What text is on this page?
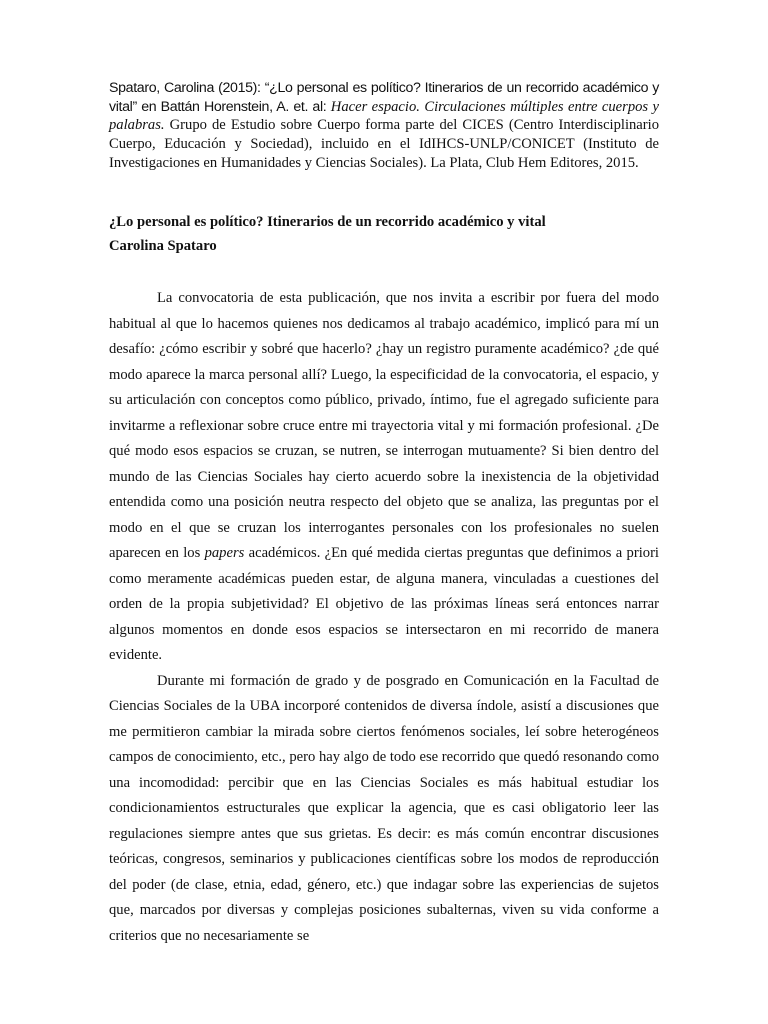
Spataro, Carolina (2015): “¿Lo personal es político? Itinerarios de un recorrido académico y vital” en Battán Horenstein, A. et. al: Hacer espacio. Circulaciones múltiples entre cuerpos y palabras. Grupo de Estudio sobre Cuerpo forma parte del CICES (Centro Interdisciplinario Cuerpo, Educación y Sociedad), incluido en el IdIHCS-UNLP/CONICET (Instituto de Investigaciones en Humanidades y Ciencias Sociales). La Plata, Club Hem Editores, 2015.
¿Lo personal es político? Itinerarios de un recorrido académico y vital
Carolina Spataro

La convocatoria de esta publicación, que nos invita a escribir por fuera del modo habitual al que lo hacemos quienes nos dedicamos al trabajo académico, implicó para mí un desafío: ¿cómo escribir y sobré que hacerlo? ¿hay un registro puramente académico? ¿de qué modo aparece la marca personal allí? Luego, la especificidad de la convocatoria, el espacio, y su articulación con conceptos como público, privado, íntimo, fue el agregado suficiente para invitarme a reflexionar sobre cruce entre mi trayectoria vital y mi formación profesional. ¿De qué modo esos espacios se cruzan, se nutren, se interrogan mutuamente? Si bien dentro del mundo de las Ciencias Sociales hay cierto acuerdo sobre la inexistencia de la objetividad entendida como una posición neutra respecto del objeto que se analiza, las preguntas por el modo en el que se cruzan los interrogantes personales con los profesionales no suelen aparecen en los papers académicos. ¿En qué medida ciertas preguntas que definimos a priori como meramente académicas pueden estar, de alguna manera, vinculadas a cuestiones del orden de la propia subjetividad? El objetivo de las próximas líneas será entonces narrar algunos momentos en donde esos espacios se intersectaron en mi recorrido de manera evidente.

Durante mi formación de grado y de posgrado en Comunicación en la Facultad de Ciencias Sociales de la UBA incorporé contenidos de diversa índole, asistí a discusiones que me permitieron cambiar la mirada sobre ciertos fenómenos sociales, leí sobre heterogéneos campos de conocimiento, etc., pero hay algo de todo ese recorrido que quedó resonando como una incomodidad: percibir que en las Ciencias Sociales es más habitual estudiar los condicionamientos estructurales que explicar la agencia, que es casi obligatorio leer las regulaciones siempre antes que sus grietas. Es decir: es más común encontrar discusiones teóricas, congresos, seminarios y publicaciones científicas sobre los modos de reproducción del poder (de clase, etnia, edad, género, etc.) que indagar sobre las experiencias de sujetos que, marcados por diversas y complejas posiciones subalternas, viven su vida conforme a criterios que no necesariamente se
